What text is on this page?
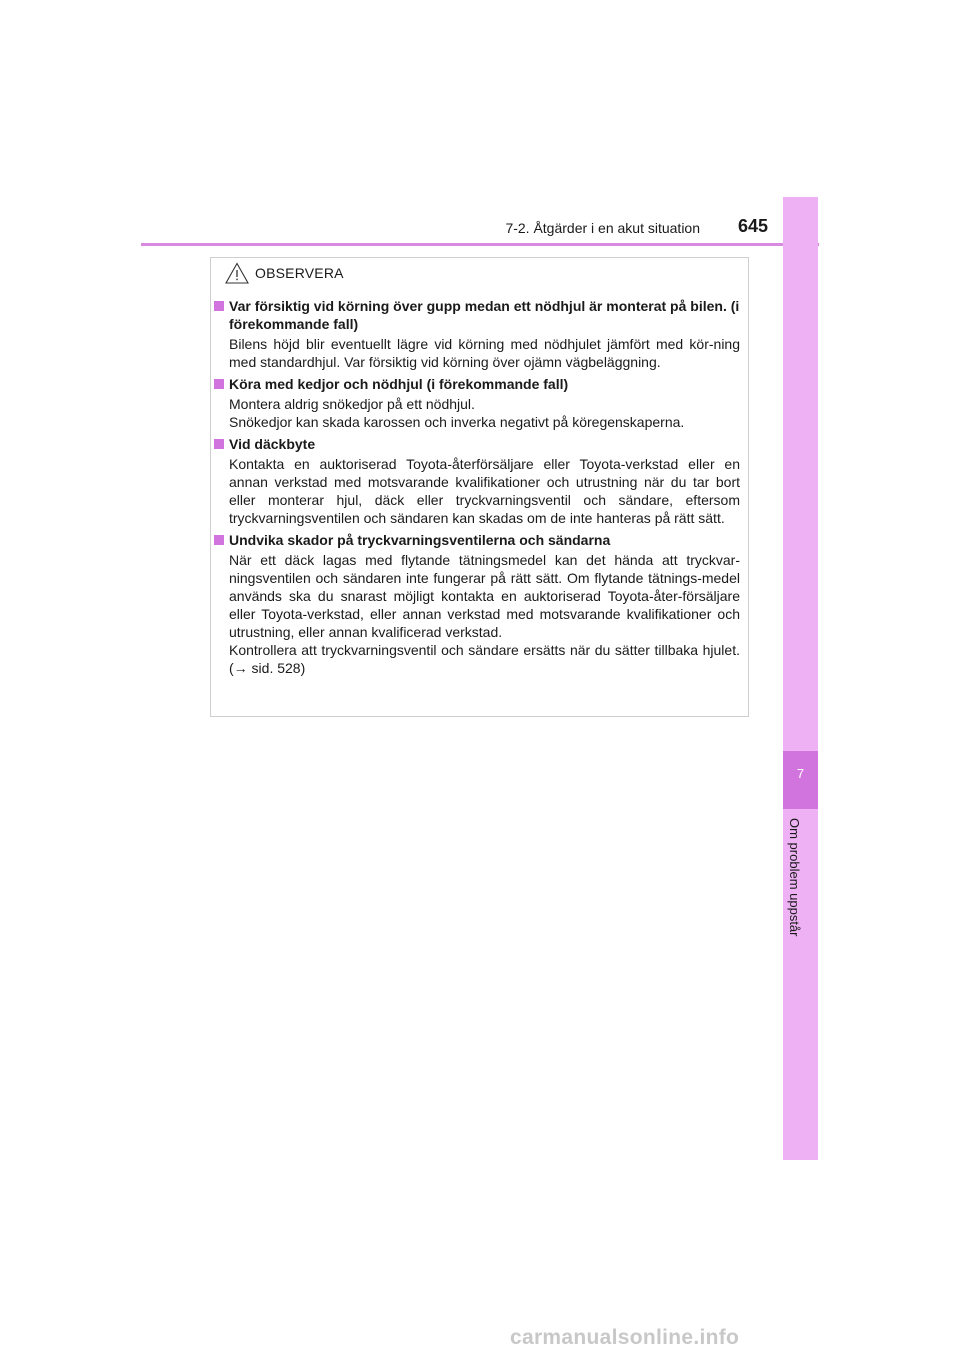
7-2. Åtgärder i en akut situation 645
7
Om problem uppstår
OBSERVERA
Var försiktig vid körning över gupp medan ett nödhjul är monterat på bilen. (i förekommande fall)

Bilens höjd blir eventuellt lägre vid körning med nödhjulet jämfört med kör-ning med standardhjul. Var försiktig vid körning över ojämn vägbeläggning.

Köra med kedjor och nödhjul (i förekommande fall)

Montera aldrig snökedjor på ett nödhjul.

Snökedjor kan skada karossen och inverka negativt på köregenskaperna.

Vid däckbyte

Kontakta en auktoriserad Toyota-återförsäljare eller Toyota-verkstad eller en annan verkstad med motsvarande kvalifikationer och utrustning när du tar bort eller monterar hjul, däck eller tryckvarningsventil och sändare, eftersom tryckvarningsventilen och sändaren kan skadas om de inte hanteras på rätt sätt.

Undvika skador på tryckvarningsventilerna och sändarna

När ett däck lagas med flytande tätningsmedel kan det hända att tryckvar-ningsventilen och sändaren inte fungerar på rätt sätt. Om flytande tätnings-medel används ska du snarast möjligt kontakta en auktoriserad Toyota-åter-försäljare eller Toyota-verkstad, eller annan verkstad med motsvarande kvalifikationer och utrustning, eller annan kvalificerad verkstad.

Kontrollera att tryckvarningsventil och sändare ersätts när du sätter tillbaka hjulet. (→ sid. 528)

carmanualsonline.info
